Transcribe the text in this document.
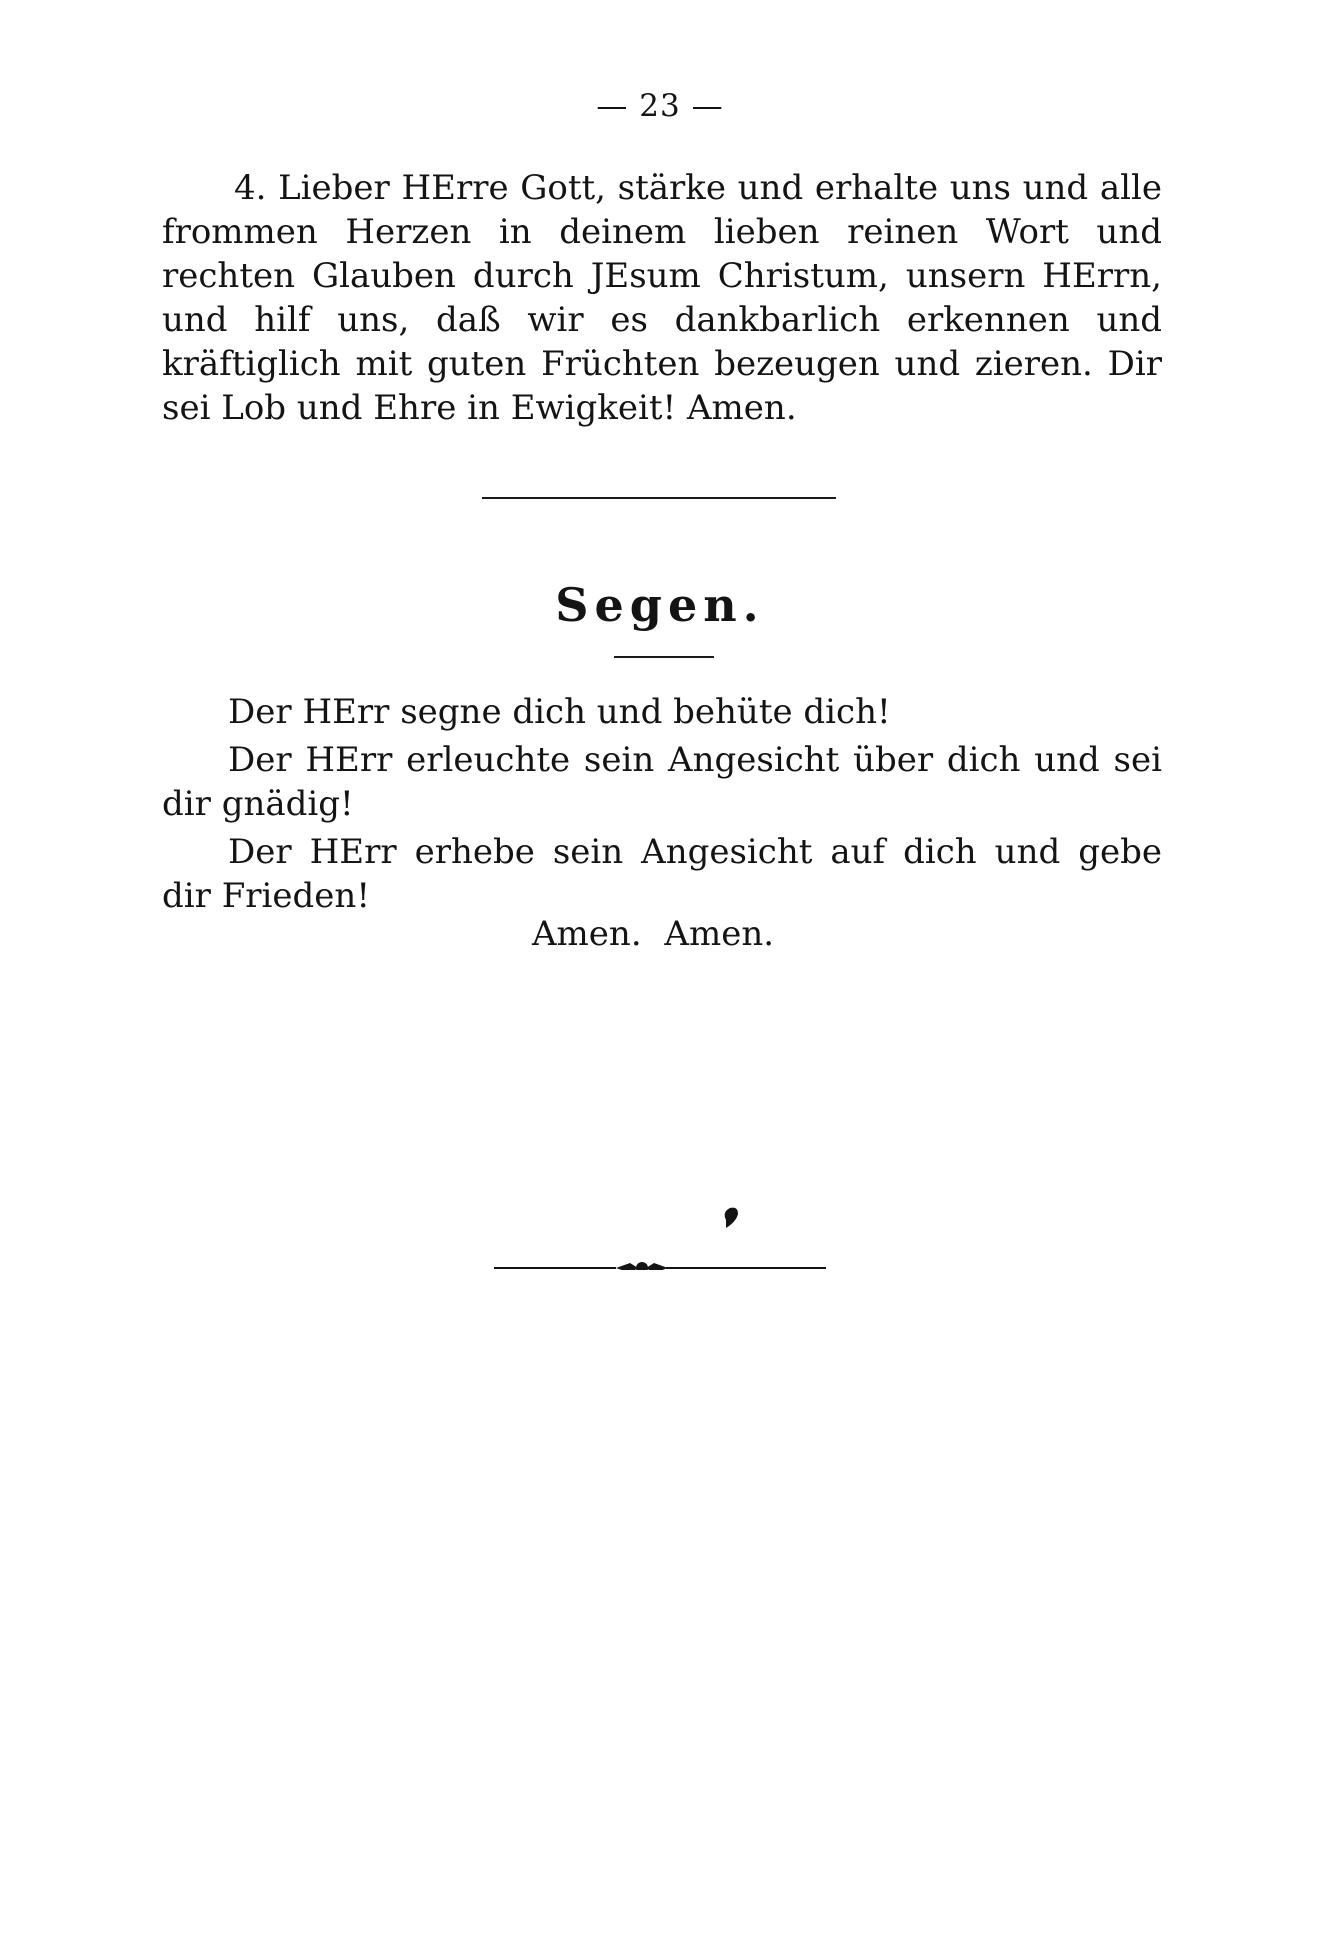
— 23 —

4. Lieber HErre Gott, stärke und erhalte uns und alle frommen Herzen in deinem lieben reinen Wort und rechten Glauben durch JEsum Christum, unsern HErrn, und hilf uns, daß wir es dankbarlich erkennen und kräftiglich mit guten Früchten bezeugen und zieren. Dir sei Lob und Ehre in Ewigkeit! Amen.

Segen.

Der HErr segne dich und behüte dich!

Der HErr erleuchte sein Angesicht über dich und sei dir gnädig!

Der HErr erhebe sein Angesicht auf dich und gebe dir Frieden!

Amen. Amen.
